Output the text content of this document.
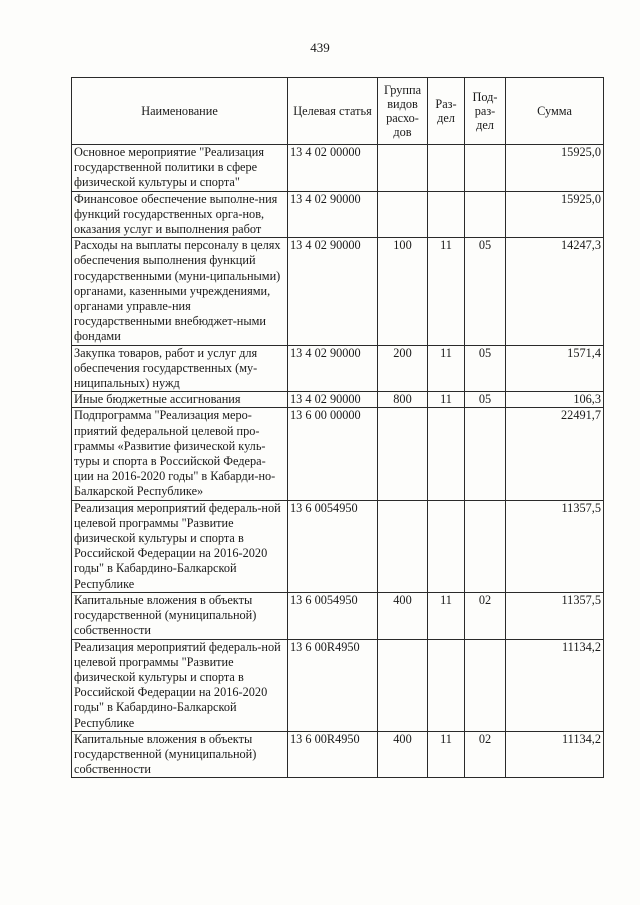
439
Наименование	Целевая статья	Группа видов расхо-дов	Раз-дел	Под-раз-дел	Сумма
Основное мероприятие "Реализация государственной политики в сфере физической культуры и спорта"	13 4 02 00000				15925,0
Финансовое обеспечение выполне-ния функций государственных орга-нов, оказания услуг и выполнения работ	13 4 02 90000				15925,0
Расходы на выплаты персоналу в целях обеспечения выполнения функций государственными (муни-ципальными) органами, казенными учреждениями, органами управле-ния государственными внебюджет-ными фондами	13 4 02 90000	100	11	05	14247,3
Закупка товаров, работ и услуг для обеспечения государственных (му-ниципальных) нужд	13 4 02 90000	200	11	05	1571,4
Иные бюджетные ассигнования	13 4 02 90000	800	11	05	106,3
Подпрограмма "Реализация меро-приятий федеральной целевой про-граммы «Развитие физической куль-туры и спорта в Российской Федера-ции на 2016-2020 годы" в Кабарди-но-Балкарской Республике»	13 6 00 00000				22491,7
Реализация мероприятий федераль-ной целевой программы "Развитие физической культуры и спорта в Российской Федерации на 2016-2020 годы" в Кабардино-Балкарской Республике	13 6 0054950				11357,5
Капитальные вложения в объекты государственной (муниципальной) собственности	13 6 0054950	400	11	02	11357,5
Реализация мероприятий федераль-ной целевой программы "Развитие физической культуры и спорта в Российской Федерации на 2016-2020 годы" в Кабардино-Балкарской Республике	13 6 00R4950				11134,2
Капитальные вложения в объекты государственной (муниципальной) собственности	13 6 00R4950	400	11	02	11134,2
